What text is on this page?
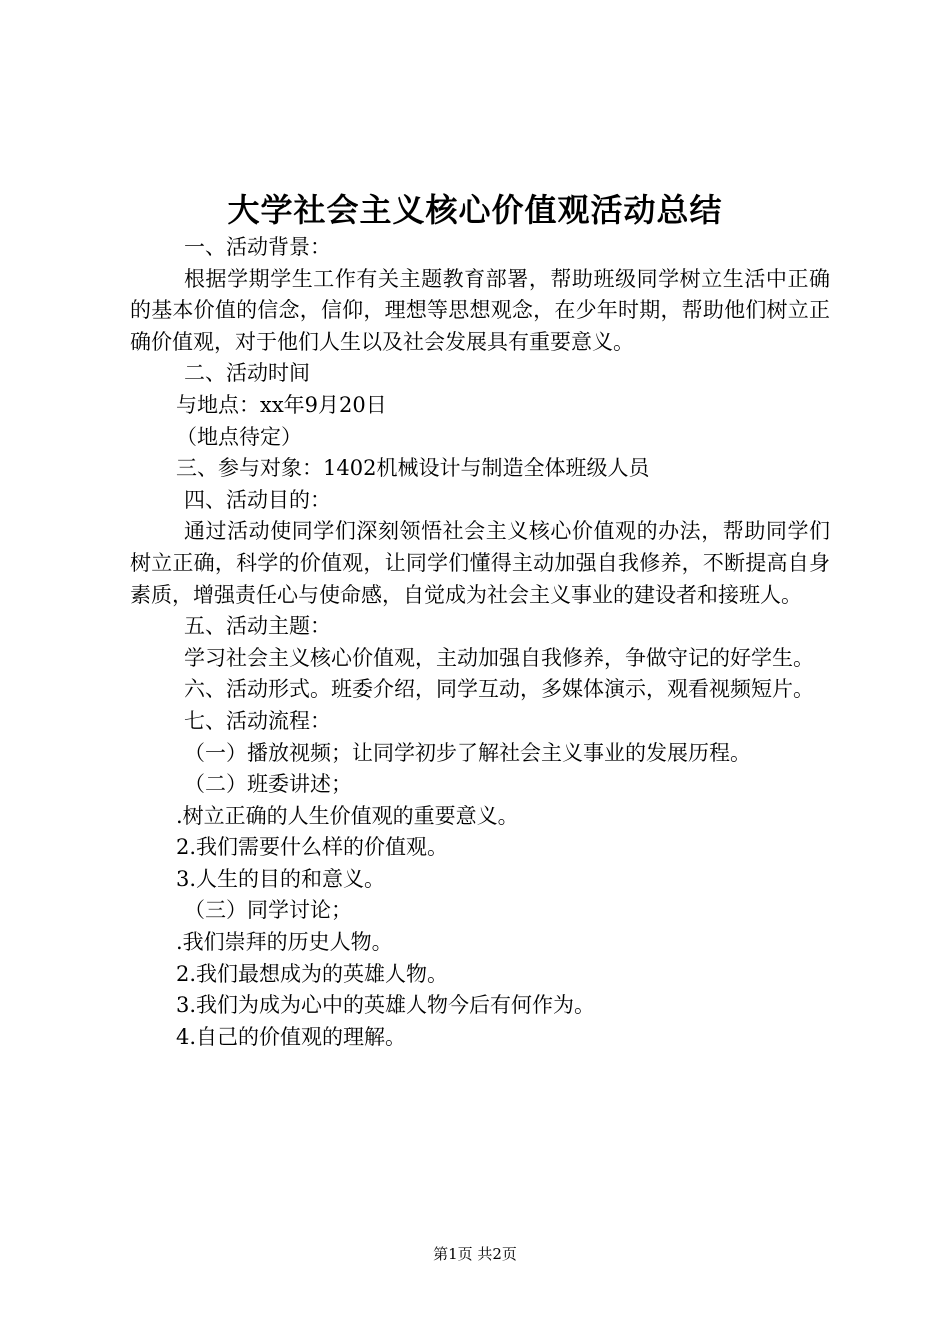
大学社会主义核心价值观活动总结

一、活动背景：

根据学期学生工作有关主题教育部署，帮助班级同学树立生活中正确的基本价值的信念，信仰，理想等思想观念，在少年时期，帮助他们树立正确价值观，对于他们人生以及社会发展具有重要意义。

二、活动时间

与地点：xx年9月20日

（地点待定）

三、参与对象：1402机械设计与制造全体班级人员

四、活动目的：

通过活动使同学们深刻领悟社会主义核心价值观的办法，帮助同学们树立正确，科学的价值观，让同学们懂得主动加强自我修养，不断提高自身素质，增强责任心与使命感，自觉成为社会主义事业的建设者和接班人。

五、活动主题：

学习社会主义核心价值观，主动加强自我修养，争做守记的好学生。

六、活动形式。班委介绍，同学互动，多媒体演示，观看视频短片。

七、活动流程：

（一）播放视频；让同学初步了解社会主义事业的发展历程。

（二）班委讲述；

.树立正确的人生价值观的重要意义。

2.我们需要什么样的价值观。

3.人生的目的和意义。

（三）同学讨论；

.我们崇拜的历史人物。

2.我们最想成为的英雄人物。

3.我们为成为心中的英雄人物今后有何作为。

4.自己的价值观的理解。

第1页 共2页
